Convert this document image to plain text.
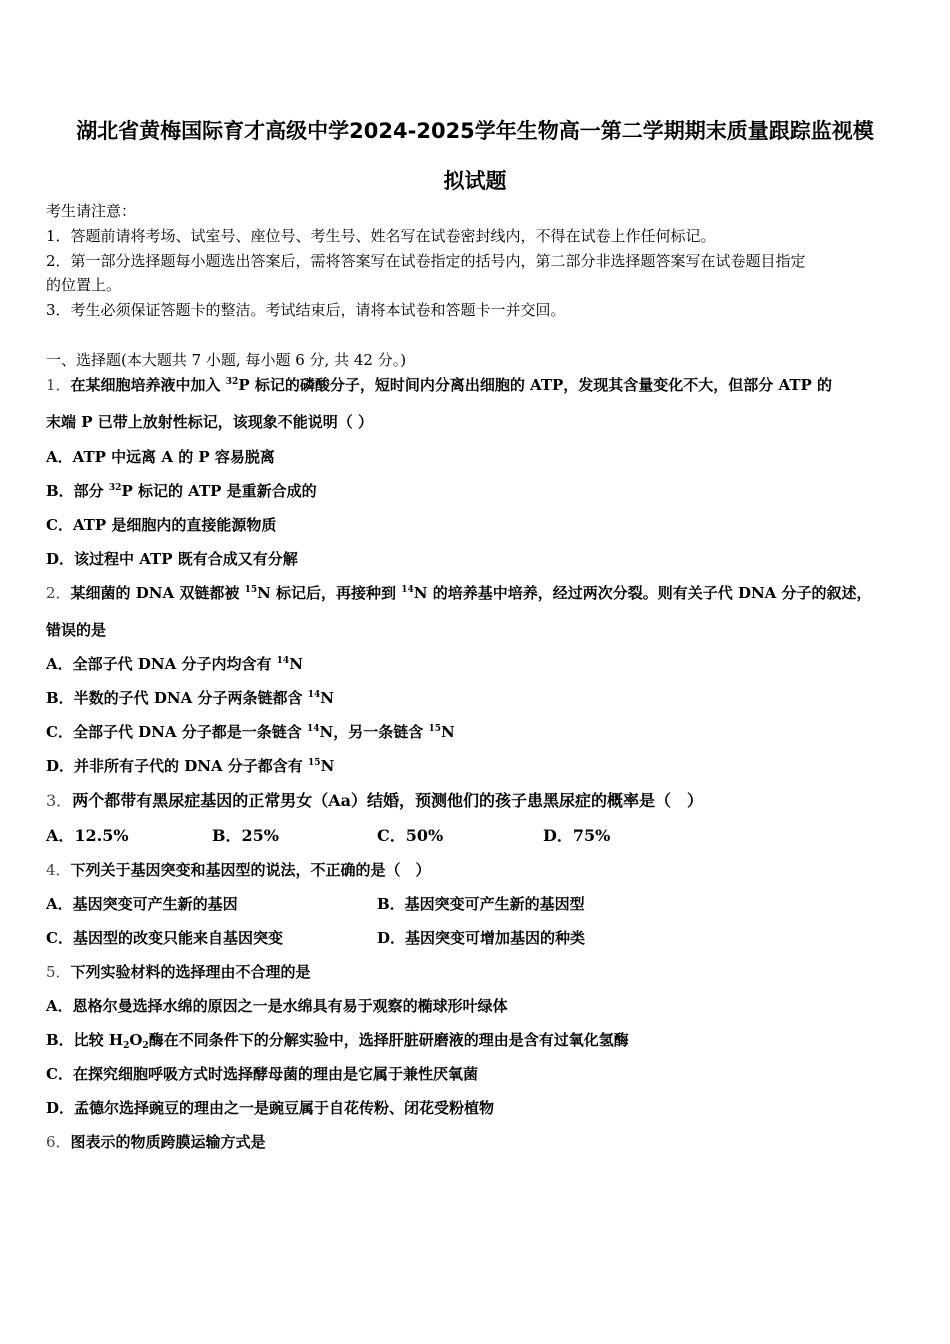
湖北省黄梅国际育才高级中学2024-2025学年生物高一第二学期期末质量跟踪监视模
拟试题
考生请注意：
1．答题前请将考场、试室号、座位号、考生号、姓名写在试卷密封线内，不得在试卷上作任何标记。
2．第一部分选择题每小题选出答案后，需将答案写在试卷指定的括号内，第二部分非选择题答案写在试卷题目指定
的位置上。
3．考生必须保证答题卡的整洁。考试结束后，请将本试卷和答题卡一并交回。
一、选择题(本大题共 7 小题, 每小题 6 分, 共 42 分。)
1．在某细胞培养液中加入 $^{32}$P 标记的磷酸分子，短时间内分离出细胞的 ATP，发现其含量变化不大，但部分 ATP 的
末端 P 已带上放射性标记，该现象不能说明（ ）
A．ATP 中远离 A 的 P 容易脱离
B．部分 $^{32}$P 标记的 ATP 是重新合成的
C．ATP 是细胞内的直接能源物质
D．该过程中 ATP 既有合成又有分解
2．某细菌的 DNA 双链都被 $^{15}$N 标记后，再接种到 $^{14}$N 的培养基中培养，经过两次分裂。则有关子代 DNA 分子的叙述，
错误的是
A．全部子代 DNA 分子内均含有 $^{14}$N
B．半数的子代 DNA 分子两条链都含 $^{14}$N
C．全部子代 DNA 分子都是一条链含 $^{14}$N，另一条链含 $^{15}$N
D．并非所有子代的 DNA 分子都含有 $^{15}$N
3．两个都带有黑尿症基因的正常男女（Aa）结婚，预测他们的孩子患黑尿症的概率是（　）
A．12.5%	B．25%	C．50%	D．75%
4．下列关于基因突变和基因型的说法，不正确的是（　）
A．基因突变可产生新的基因	B．基因突变可产生新的基因型
C．基因型的改变只能来自基因突变	D．基因突变可增加基因的种类
5．下列实验材料的选择理由不合理的是
A．恩格尔曼选择水绵的原因之一是水绵具有易于观察的椭球形叶绿体
B．比较 $H_2O_2$酶在不同条件下的分解实验中，选择肝脏研磨液的理由是含有过氧化氢酶
C．在探究细胞呼吸方式时选择酵母菌的理由是它属于兼性厌氧菌
D．孟德尔选择豌豆的理由之一是豌豆属于自花传粉、闭花受粉植物
6．图表示的物质跨膜运输方式是
